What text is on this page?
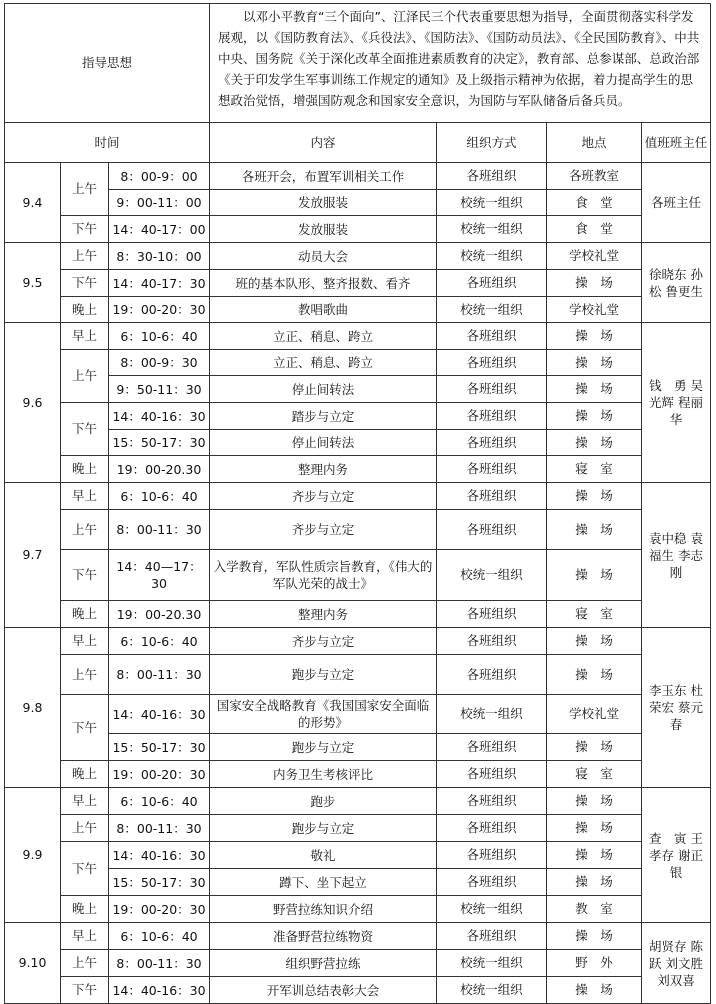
指导思想			以邓小平教育“三个面向”、江泽民三个代表重要思想为指导，全面贯彻落实科学发展观，以《国防教育法》、《兵役法》、《国防法》、《国防动员法》、《全民国防教育》、中共中央、国务院《关于深化改革全面推进素质教育的决定》，教育部、总参谋部、总政治部《关于印发学生军事训练工作规定的通知》及上级指示精神为依据，着力提高学生的思想政治觉悟，增强国防观念和国家安全意识，为国防与军队储备后备兵员。			
时间			内容	组织方式	地点	值班班主任
9.4	上午	8：00-9：00	各班开会，布置军训相关工作	各班组织	各班教室	各班主任
		9：00-11：00	发放服装	校统一组织	食　堂	
	下午	14：40-17：00	发放服装	校统一组织	食　堂	
9.5	上午	8：30-10：00	动员大会	校统一组织	学校礼堂	徐晓东 孙　松 鲁更生
	下午	14：40-17：30	班的基本队形、整齐报数、看齐	各班组织	操　场	
	晚上	19：00-20：30	教唱歌曲	校统一组织	学校礼堂	
9.6	早上	6：10-6：40	立正、稍息、跨立	各班组织	操　场	钱　勇 吴光辉 程丽华
	上午	8：00-9：30	立正、稍息、跨立	各班组织	操　场	
		9：50-11：30	停止间转法	各班组织	操　场	
	下午	14：40-16：30	踏步与立定	各班组织	操　场	
		15：50-17：30	停止间转法	各班组织	操　场	
	晚上	19：00-20.30	整理内务	各班组织	寝　室	
9.7	早上	6：10-6：40	齐步与立定	各班组织	操　场	袁中稳 袁福生 李志刚
	上午	8：00-11：30	齐步与立定	各班组织	操　场	
	下午	14：40—17：30	入学教育，军队性质宗旨教育，《伟大的军队光荣的战士》	校统一组织	操　场	
	晚上	19：00-20.30	整理内务	各班组织	寝　室	
9.8	早上	6：10-6：40	齐步与立定	各班组织	操　场	李玉东 杜荣宏 蔡元春
	上午	8：00-11：30	跑步与立定	各班组织	操　场	
	下午	14：40-16：30	国家安全战略教育《我国国家安全面临的形势》	校统一组织	学校礼堂	
		15：50-17：30	跑步与立定	各班组织	操　场	
	晚上	19：00-20：30	内务卫生考核评比	各班组织	寝　室	
9.9	早上	6：10-6：40	跑步	各班组织	操　场	查　寅 王孝存 谢正银
	上午	8：00-11：30	跑步与立定	各班组织	操　场	
	下午	14：40-16：30	敬礼	各班组织	操　场	
		15：50-17：30	蹲下、坐下起立	各班组织	操　场	
	晚上	19：00-20：30	野营拉练知识介绍	校统一组织	教　室	
9.10	早上	6：10-6：40	准备野营拉练物资	各班组织	操　场	胡贤存 陈　跃 刘文胜 刘双喜
	上午	8：00-11：30	组织野营拉练	校统一组织	野　外	
	下午	14：40-16：30	开军训总结表彰大会	校统一组织	操　场	
